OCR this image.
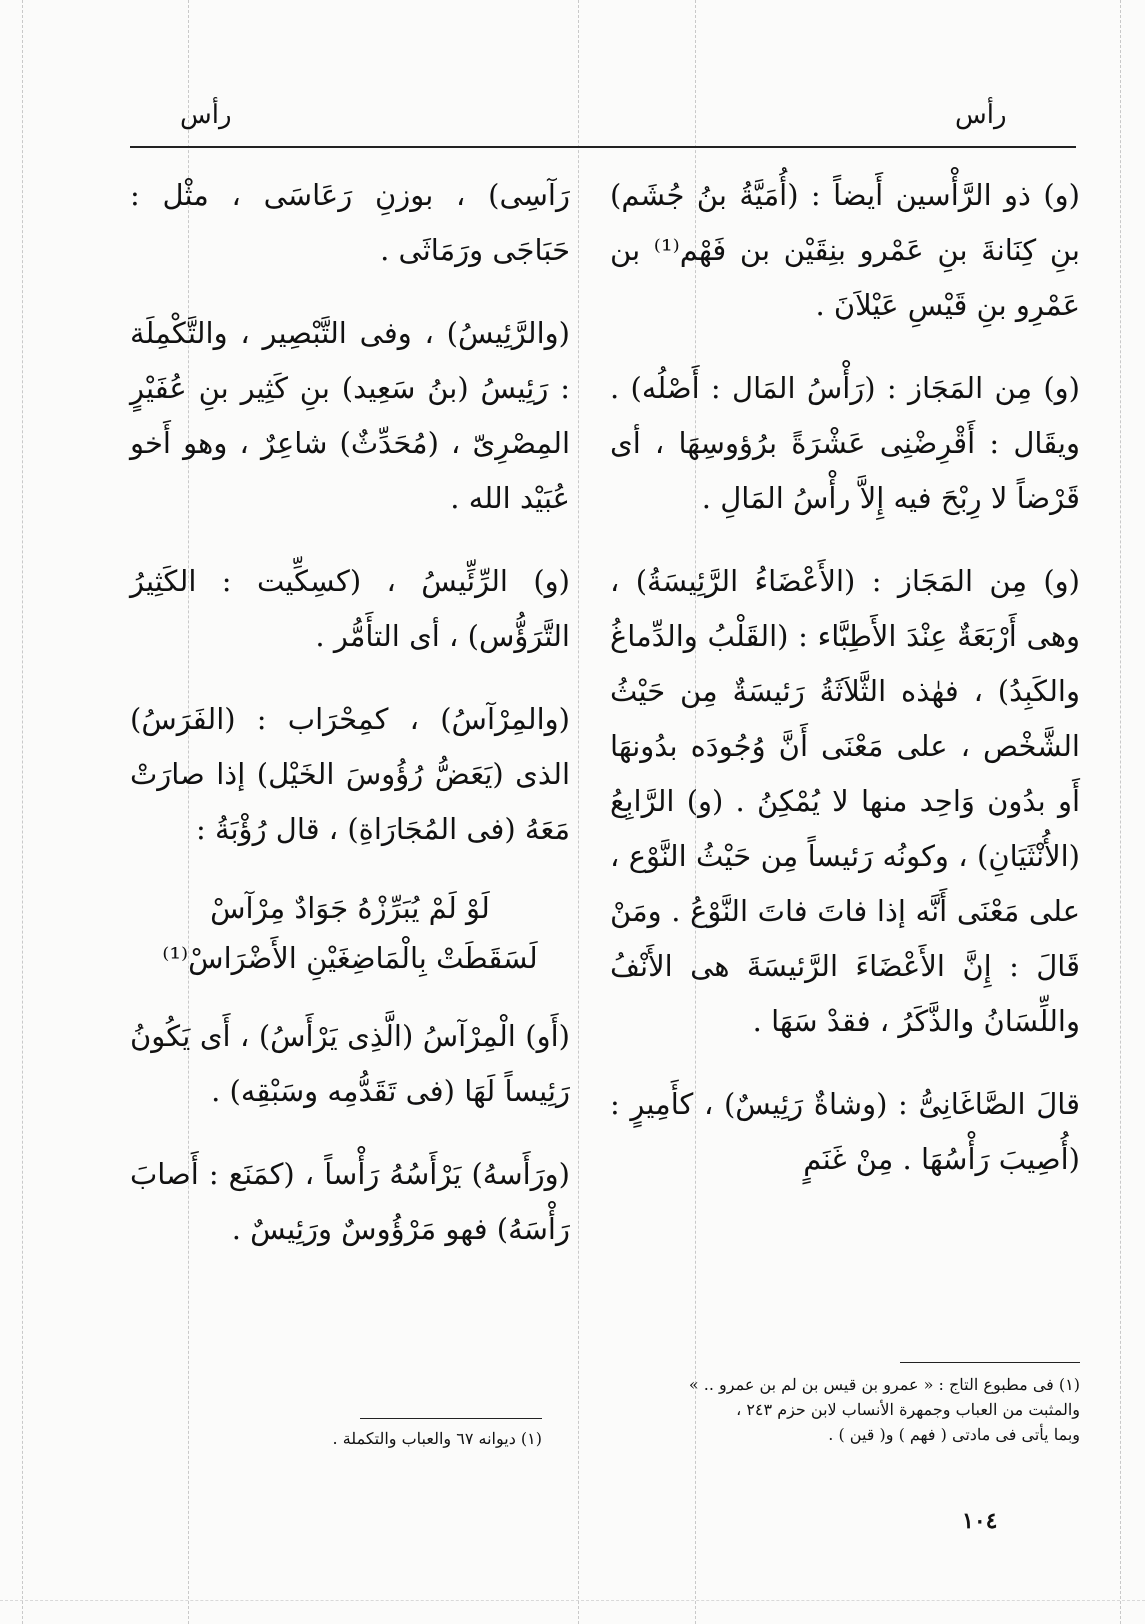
رأس	رأس

(و) ذو الرَّأْسين أَيضاً : (أُمَيَّةُ بنُ جُشَم) بنِ كِنَانةَ بنِ عَمْرو بنِقَيْن بن فَهْم⁽¹⁾ بن عَمْرِو بنِ قَيْسِ عَيْلاَنَ .

(و) مِن المَجَاز : (رَأْسُ المَال : أَصْلُه) . ويقَال : أَقْرِضْنِى عَشْرَةً برُؤوسِهَا ، أى قَرْضاً لا رِبْحَ فيه إِلاَّ رأْسُ المَالِ .

(و) مِن المَجَاز : (الأَعْضَاءُ الرَّئِيسَةُ) ، وهى أَرْبَعَةٌ عِنْدَ الأَطِبَّاء : (القَلْبُ والدِّماغُ والكَبِدُ) ، فهٰذه الثَّلاَثَةُ رَئيسَةٌ مِن حَيْثُ الشَّخْص ، على مَعْنَى أَنَّ وُجُودَه بدُونهَا أَو بدُون وَاحِد منها لا يُمْكِنُ . (و) الرَّابِعُ (الأُنْثَيَانِ) ، وكونُه رَئيساً مِن حَيْثُ النَّوْع ، على مَعْنَى أَنَّه إذا فاتَ فاتَ النَّوْعُ . ومَنْ قَالَ : إِنَّ الأَعْضَاءَ الرَّئيسَةَ هى الأَنْفُ واللِّسَانُ والذَّكَرُ ، فقدْ سَهَا .

قالَ الصَّاغَانِىُّ : (وشاةٌ رَئِيسٌ) ، كأَمِيرٍ : (أُصِيبَ رَأْسُهَا . مِنْ غَنَمٍ

(١) فى مطبوع التاج : « عمرو بن قيس بن لم بن عمرو .. »
والمثبت من العباب وجمهرة الأنساب لابن حزم ٢٤٣ ،
وبما يأتى فى مادتى ( فهم ) و( قين ) .

رَآسِى) ، بوزنِ رَعَاسَى ، مثْل : حَبَاجَى ورَمَاثَى .

(والرَّئِيسُ) ، وفى التَّبْصِير ، والتَّكْمِلَة : رَئِيسُ (بنُ سَعِيد) بنِ كَثِير بنِ عُفَيْرٍ المِصْرِىّ ، (مُحَدِّثٌ) شاعِرٌ ، وهو أَخو عُبَيْد الله .

(و) الرِّئِّيسُ ، (كسِكِّيت : الكَثِيرُ التَّرَؤُّس) ، أى التأَمُّر .

(والمِرْآسُ) ، كمِحْرَاب : (الفَرَسُ) الذى (يَعَضُّ رُؤُوسَ الخَيْل) إذا صارَتْ مَعَهُ (فى المُجَارَاةِ) ، قال رُؤْبَةُ :

لَوْ لَمْ يُبَرِّزْهُ جَوَادٌ مِرْآسْ
لَسَقَطَتْ بِالْمَاضِغَيْنِ الأَضْرَاسْ⁽¹⁾

(أَو) الْمِرْآسُ (الَّذِى يَرْأَسُ) ، أَى يَكُونُ رَئِيساً لَهَا (فى تَقَدُّمِه وسَبْقِه) .

(ورَأَسهُ) يَرْأَسُهُ رَأْساً ، (كمَنَع : أَصابَ رَأْسَهُ) فهو مَرْؤُوسٌ ورَئِيسٌ .

(١) ديوانه ٦٧ والعباب والتكملة .
١٠٤
